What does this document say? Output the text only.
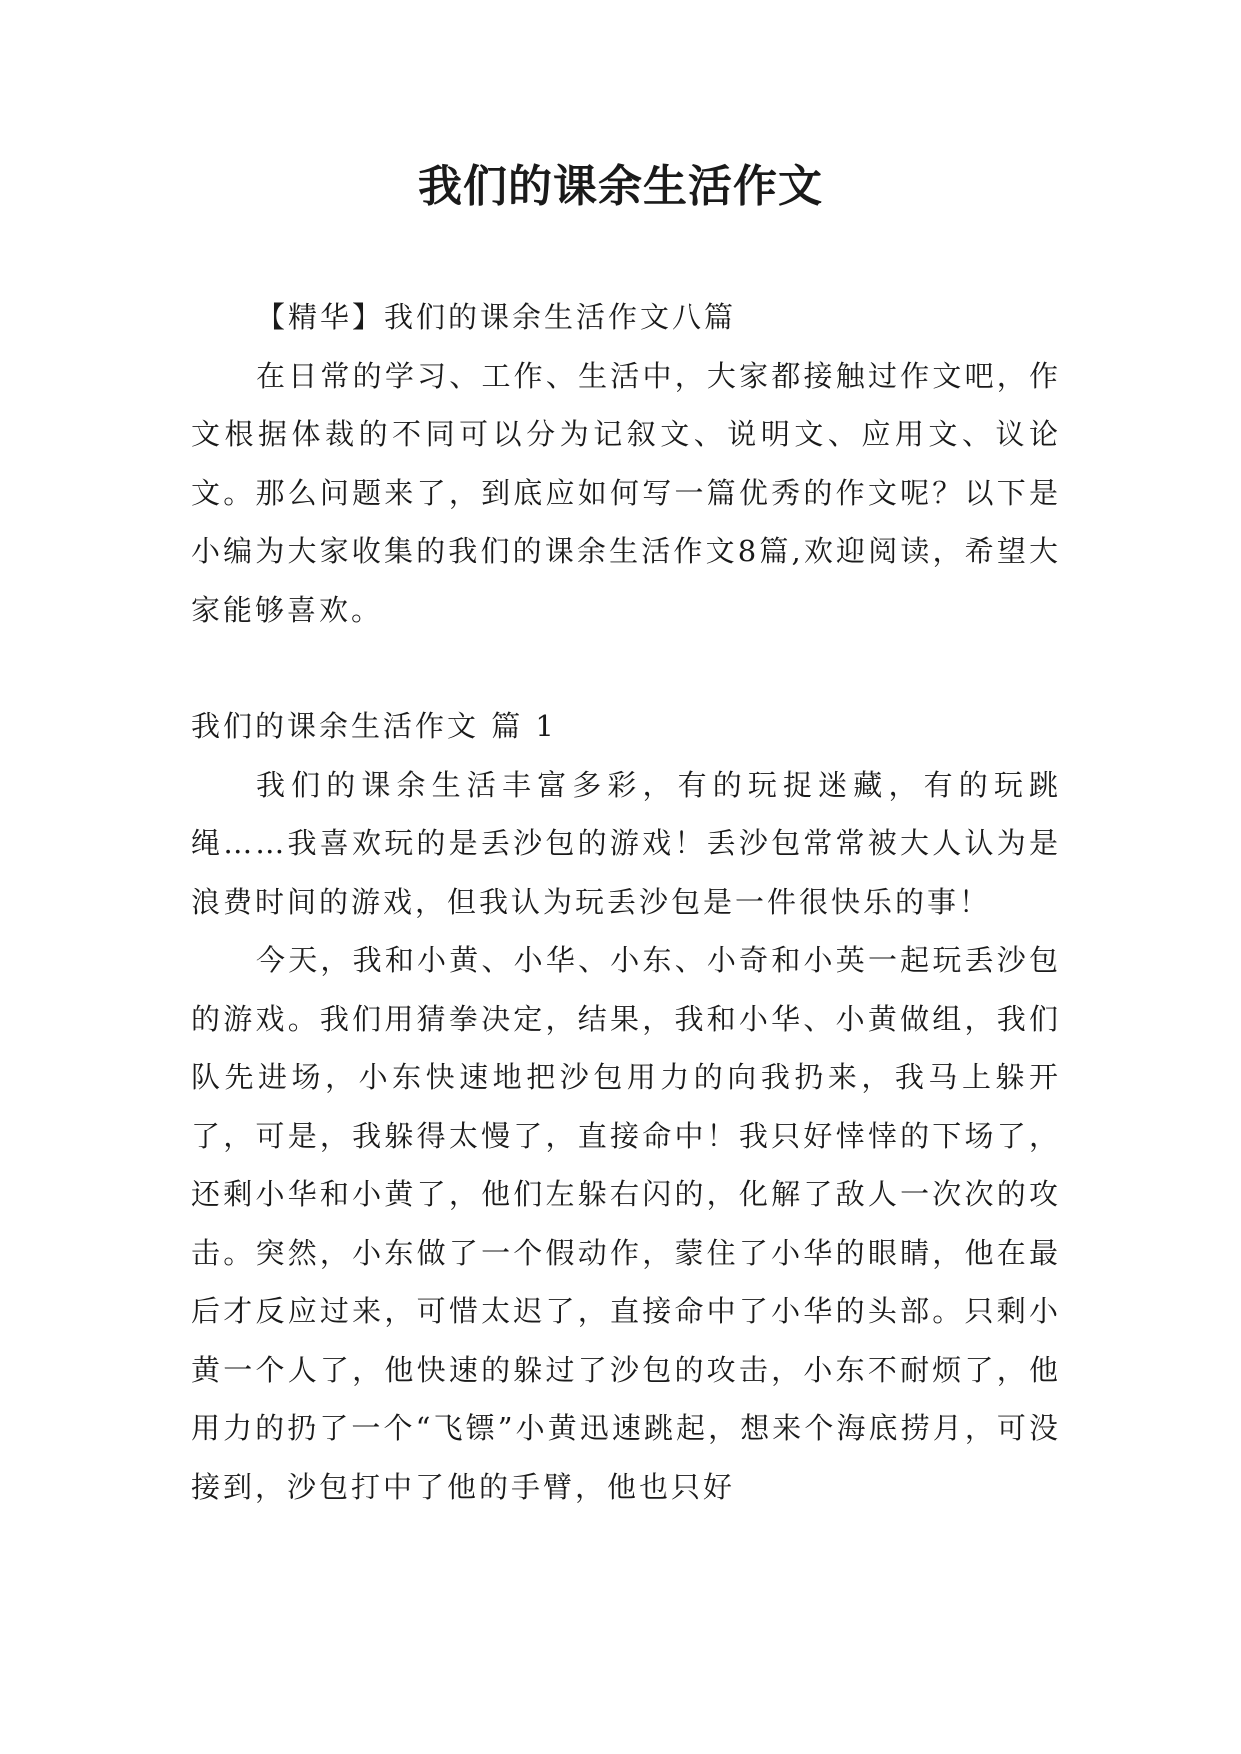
我们的课余生活作文

【精华】我们的课余生活作文八篇

在日常的学习、工作、生活中，大家都接触过作文吧，作文根据体裁的不同可以分为记叙文、说明文、应用文、议论文。那么问题来了，到底应如何写一篇优秀的作文呢？以下是小编为大家收集的我们的课余生活作文8篇,欢迎阅读，希望大家能够喜欢。

我们的课余生活作文 篇 1

我们的课余生活丰富多彩，有的玩捉迷藏，有的玩跳绳……我喜欢玩的是丢沙包的游戏！丢沙包常常被大人认为是浪费时间的游戏，但我认为玩丢沙包是一件很快乐的事！

今天，我和小黄、小华、小东、小奇和小英一起玩丢沙包的游戏。我们用猜拳决定，结果，我和小华、小黄做组，我们队先进场，小东快速地把沙包用力的向我扔来，我马上躲开了，可是，我躲得太慢了，直接命中！我只好悻悻的下场了，还剩小华和小黄了，他们左躲右闪的，化解了敌人一次次的攻击。突然，小东做了一个假动作，蒙住了小华的眼睛，他在最后才反应过来，可惜太迟了，直接命中了小华的头部。只剩小黄一个人了，他快速的躲过了沙包的攻击，小东不耐烦了，他用力的扔了一个“飞镖”小黄迅速跳起，想来个海底捞月，可没接到，沙包打中了他的手臂，他也只好
